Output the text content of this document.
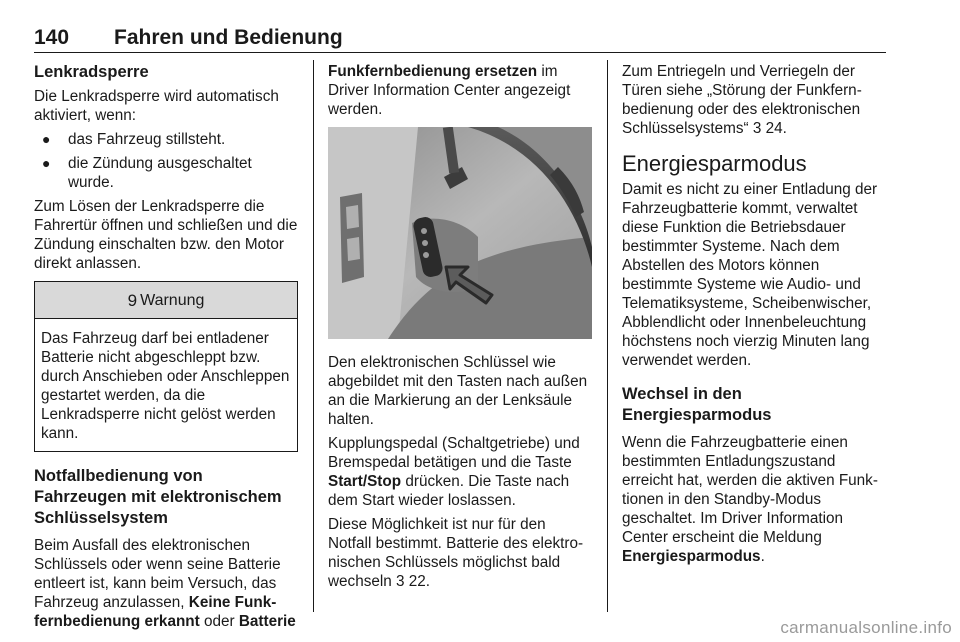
140 Fahren und Bedienung
Lenkradsperre

Die Lenkradsperre wird automatisch aktiviert, wenn:

● das Fahrzeug stillsteht.
● die Zündung ausgeschaltet wurde.

Zum Lösen der Lenkradsperre die Fahrertür öffnen und schließen und die Zündung einschalten bzw. den Motor direkt anlassen.

9 Warnung
Das Fahrzeug darf bei entladener Batterie nicht abgeschleppt bzw. durch Anschieben oder Anschleppen gestartet werden, da die Lenkradsperre nicht gelöst werden kann.
Notfallbedienung von Fahrzeugen mit elektronischem Schlüsselsystem

Beim Ausfall des elektronischen Schlüssels oder wenn seine Batterie entleert ist, kann beim Versuch, das Fahrzeug anzulassen, Keine Funkfernbedienung erkannt oder Batterie

Funkfernbedienung ersetzen im Driver Information Center angezeigt werden.

Den elektronischen Schlüssel wie abgebildet mit den Tasten nach außen an die Markierung an der Lenksäule halten.

Kupplungspedal (Schaltgetriebe) und Bremspedal betätigen und die Taste Start/Stop drücken. Die Taste nach dem Start wieder loslassen.

Diese Möglichkeit ist nur für den Notfall bestimmt. Batterie des elektronischen Schlüssels möglichst bald wechseln 3 22.

Zum Entriegeln und Verriegeln der Türen siehe „Störung der Funkfernbedienung oder des elektronischen Schlüsselsystems“ 3 24.

Energiesparmodus

Damit es nicht zu einer Entladung der Fahrzeugbatterie kommt, verwaltet diese Funktion die Betriebsdauer bestimmter Systeme. Nach dem Abstellen des Motors können bestimmte Systeme wie Audio- und Telematiksysteme, Scheibenwischer, Abblendlicht oder Innenbeleuchtung höchstens noch vierzig Minuten lang verwendet werden.

Wechsel in den Energiesparmodus

Wenn die Fahrzeugbatterie einen bestimmten Entladungszustand erreicht hat, werden die aktiven Funktionen in den Standby-Modus geschaltet. Im Driver Information Center erscheint die Meldung Energiesparmodus.

carmanualsonline.info
